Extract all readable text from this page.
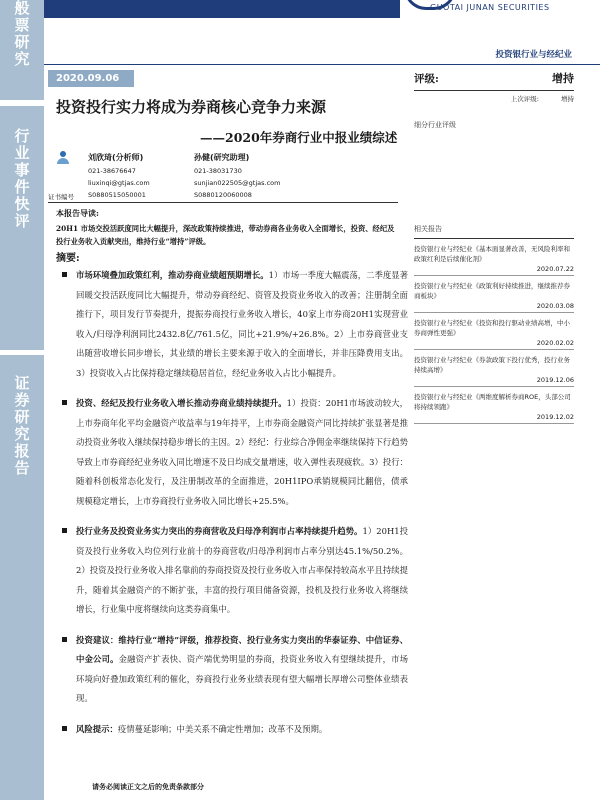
般
票
研
究
行
业
事
件
快
评
证
券
研
究
报
告
GUOTAI JUNAN SECURITIES
投资银行业与经纪业
2020.09.06
投资投行实力将成为券商核心竞争力来源
——2020年券商行业中报业绩综述
刘欣琦(分析师)
021-38676647
liuxinqi@gtjas.com
S0880515050001
孙健(研究助理)
021-38031730
sunjian022505@gtjas.com
S0880120060008
证书编号
评级:	增持
上次评级:	增持
细分行业评级
相关报告
投资银行业与经纪业《基本面显著改善，无风险利率和政策红利是后续催化剂》
2020.07.22
投资银行业与经纪业《政策利好持续推进，继续推荐券商板块》
2020.03.08
投资银行业与经纪业《投资和投行驱动业绩高增，中小券商弹性更强》
2020.02.02
投资银行业与经纪业《券款政策下投行优秀，投行业务持续高增》
2019.12.06
投资银行业与经纪业《两维度解析券商ROE，头部公司将持续领跑》
2019.12.02
本报告导读:
20H1 市场交投活跃度同比大幅提升，深改政策持续推进，带动券商各业务收入全面增长，投资、经纪及投行业务收入贡献突出，维持行业“增持”评级。
摘要:
市场环境叠加政策红利，推动券商业绩超预期增长。1）市场一季度大幅震荡，二季度显著回暖交投活跃度同比大幅提升，带动券商经纪、资管及投资业务收入的改善；注册制全面推行下，项目发行节奏提升，提振券商投行业务收入增长，40家上市券商20H1实现营业收入/归母净利润同比2432.8亿/761.5亿，同比+21.9%/+26.8%。2）上市券商营业支出随营收增长同步增长，其业绩的增长主要来源于收入的全面增长，并非压降费用支出。3）投资收入占比保持稳定继续稳居首位，经纪业务收入占比小幅提升。
投资、经纪及投行业务收入增长推动券商业绩持续提升。1）投资：20H1市场波动较大，上市券商年化平均金融资产收益率与19年持平，上市券商金融资产同比持续扩张显著是推动投资业务收入继续保持稳步增长的主因。2）经纪：行业综合净佣金率继续保持下行趋势导致上市券商经纪业务收入同比增速不及日均成交量增速，收入弹性表现疲软。3）投行：随着科创板常态化发行，及注册制改革的全面推进，20H1IPO承销规模同比翻倍，债承规模稳定增长，上市券商投行业务收入同比增长+25.5%。
投行业务及投资业务实力突出的券商营收及归母净利润市占率持续提升趋势。1）20H1投资及投行业务收入均位列行业前十的券商营收/归母净利润市占率分别达45.1%/50.2%。2）投资及投行业务收入排名靠前的券商投资及投行业务收入市占率保持较高水平且持续提升，随着其金融资产的不断扩张，丰富的投行项目储备资源，投机及投行业务收入将继续增长，行业集中度将继续向这类券商集中。
投资建议：维持行业“增持”评级，推荐投资、投行业务实力突出的华泰证券、中信证券、中金公司。金融资产扩表快、资产端优势明显的券商，投资业务收入有望继续提升，市场环境向好叠加政策红利的催化，券商投行业务业绩表现有望大幅增长厚增公司整体业绩表现。
风险提示：疫情蔓延影响；中美关系不确定性增加；改革不及预期。
请务必阅读正文之后的免责条款部分
